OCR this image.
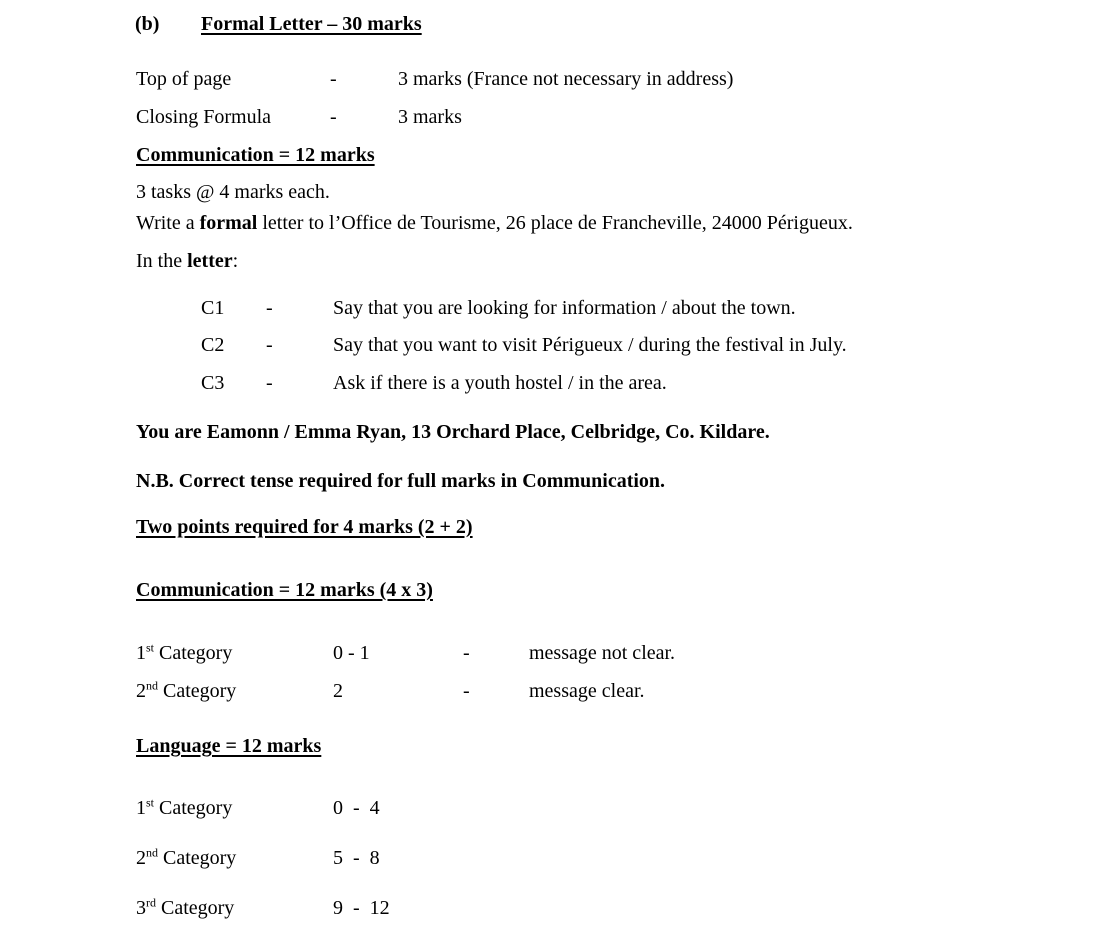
(b) Formal Letter – 30 marks
Top of page	-	3 marks (France not necessary in address)
Closing Formula	-	3 marks
Communication = 12 marks
3 tasks @ 4 marks each.
Write a formal letter to l’Office de Tourisme, 26 place de Francheville, 24000 Périgueux.
In the letter:
C1 -	Say that you are looking for information / about the town.
C2 -	Say that you want to visit Périgueux / during the festival in July.
C3 -	Ask if there is a youth hostel / in the area.
You are Eamonn / Emma Ryan, 13 Orchard Place, Celbridge, Co. Kildare.
N.B. Correct tense required for full marks in Communication.
Two points required for 4 marks (2 + 2)
Communication = 12 marks (4 x 3)
1st Category	0 - 1	-	message not clear.
2nd Category	2	-	message clear.
Language = 12 marks
1st Category	0  -  4
2nd Category	5  -  8
3rd Category	9  -  12
